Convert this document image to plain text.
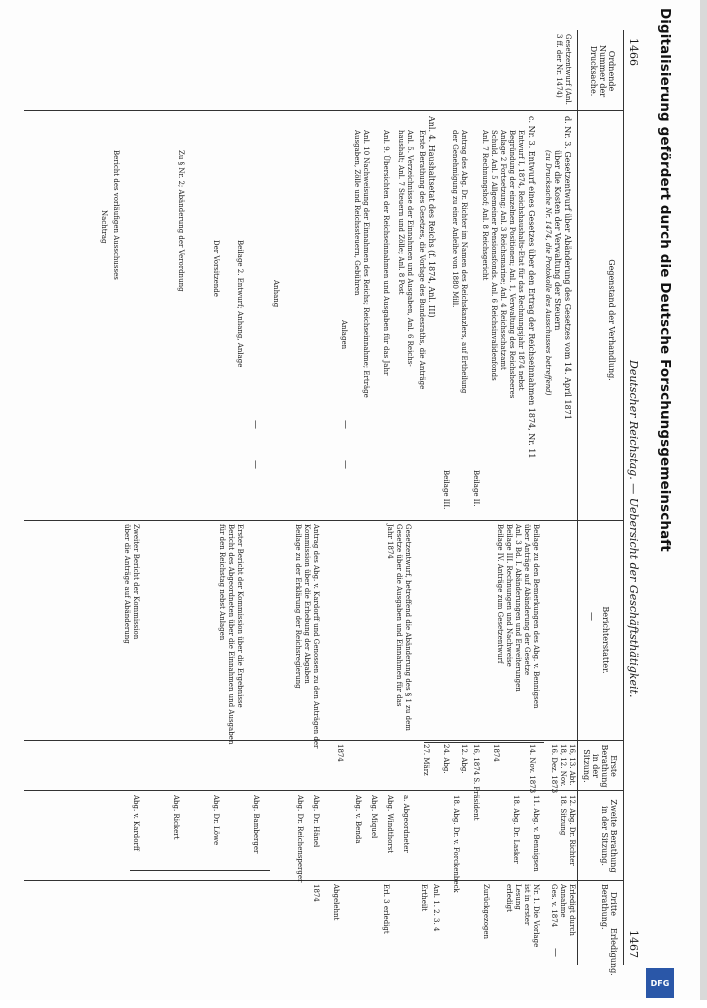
1466
Deutscher Reichstag. — Uebersicht der Geschäftsthätigkeit.
1467
Ordnende Nummer der Drucksache.
Gegenstand der Verhandlung.
Berichterstatter.
Erste Berathung in der Sitzung.
Zweite Berathung in der Sitzung.
Dritte Berathung.
Erledigung.
Gesetzentwurf (Anl. 3 ff. der Nr. 1474)
d. Nr. 3. Gesetzentwurf über Abänderung des Gesetzes vom 14. April 1871
über die Kosten der Verwaltung der Steuern
(zu Drucksache Nr. 1474, die Protokolle des Ausschusses betreffend)
c. Nr. 3. Entwurf eines Gesetzes über den Ertrag der Reichseinnahmen 1874, Nr. 11
Entwurf I, 1874, Reichshaushalts-Etat für das Rechnungsjahr 1874 nebst
Begründung der einzelnen Positionen; Anl. 1, Verwaltung des Reichsheeres
Anlage 2 Fortsetzung; Anl. 3 Reichsmarine; Anl. 4 Reichsschatzamt
Schuld. Anl. 5 Allgemeiner Pensionsfonds. Anl. 6 Reichsinvalidenfonds
Anl. 7 Rechnungshof; Anl. 8 Reichsgericht
Beilage II.
Antrag des Abg. Dr. Richter im Namen des Reichskanzlers, auf Ertheilung
der Genehmigung zu einer Anleihe von 1880 Mill.
Beilage III.
Anl. 4. Haushaltsetat des Reichs (f. 1874, Anl. III)
Erste Berathung des Gesetzes, die Vorlage des Bundesraths, die Anträge
Anl. 5. Verzeichnisse der Einnahmen und Ausgaben, Anl. 6 Reichs-
haushalt; Anl. 7 Steuern und Zölle; Anl. 8 Post
Anl. 9. Übersichten der Reichseinnahmen und Ausgaben für das Jahr
Anl. 10 Nachweisung der Einnahmen des Reichs; Reichseinnahme; Erträge
Ausgaben, Zölle und Reichssteuern, Gebühren
Anlagen
Anhang
Beilage 2. Entwurf; Anhang, Anlage
Der Vorsitzende
Zu § Nr. 2; Abänderung der Verordnung
Bericht des vorläufigen Ausschusses
Nachtrag
Beilage zu den Bemerkungen des Abg. v. Bennigsen
über Anträge auf Abänderung der Gesetze
Anl. 3 Bd. I. Abänderungen und Erweiterungen
Beilage III. Rechnungen und Nachweise
Beilage IV. Anträge zum Gesetzentwurf
Gesetzentwurf, betreffend die Abänderung des § 1 zu dem
Gesetze über die Ausgaben und Einnahmen für das
Jahr 1874
Antrag des Abg. v. Kardorff und Genossen zu den Anträgen der
Kommission über die Erhebung der Abgaben
Beilage zu der Erklärung der Reichsregierung
Erster Bericht der Kommission über die Ergebnisse
Bericht des Abgeordneten über die Einnahmen und Ausgaben
für den Reichstag nebst Anlagen
Zweiter Bericht der Kommission
über die Anträge auf Abänderung	—
—
—
—
—
—
16, 13. Abt.
18, 12. Nov.
16. Dez. 1873
12. Abg. Dr. Richter
18. Sitzung
11. Abg. v. Bennigsen
14. Nov. 1873
18. Abg. Dr. Lasker
1874
16, 1874 S. Präsident
12. Abg.
18. Abg. Dr. v. Forckenbeck
24. Abg.
27. März
a. Abgeordneter
Abg. Windthorst
Abg. Miquel
Abg. v. Benda
1874
Abg. Dr. Hänel
Abg. Dr. Reichensperger
Abg. Bamberger
Abg. Dr. Löwe
Abg. Rickert
Abg. v. Kardorff
Erledigt durch
Annahme
Ges. v. 1874
Nr. 1. Die Vorlage
ist in erster
Lesung
erledigt
Zurückgezogen
Anl. 1. 2. 3. 4
Ertheilt
Erl. 3 erledigt
Abgelehnt
1874
Digitalisierung gefördert durch die Deutsche Forschungsgemeinschaft
DFG
